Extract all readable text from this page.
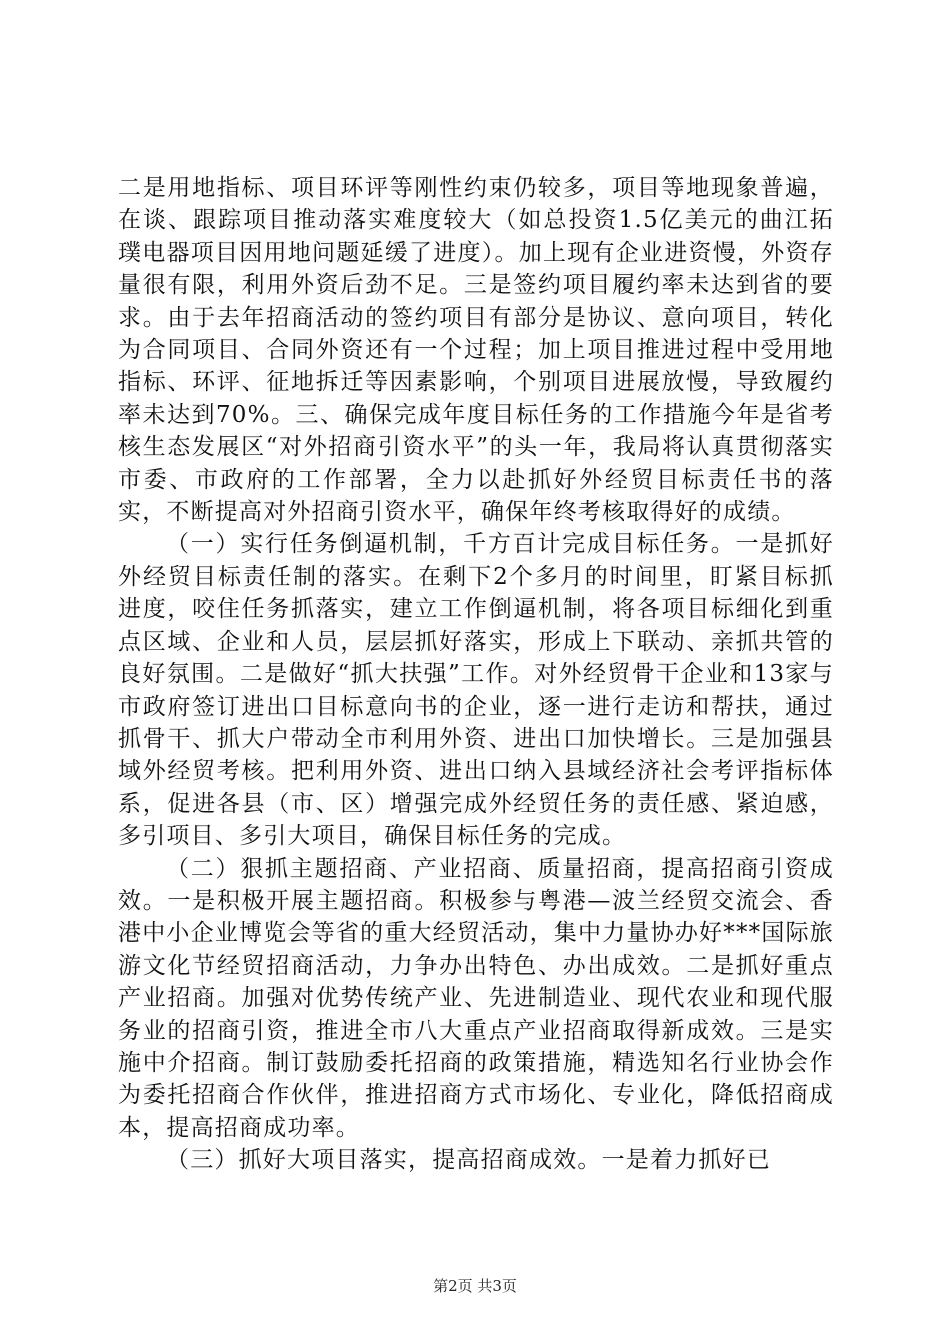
二是用地指标、项目环评等刚性约束仍较多，项目等地现象普遍，在谈、跟踪项目推动落实难度较大（如总投资1.5亿美元的曲江拓璞电器项目因用地问题延缓了进度）。加上现有企业进资慢，外资存量很有限，利用外资后劲不足。三是签约项目履约率未达到省的要求。由于去年招商活动的签约项目有部分是协议、意向项目，转化为合同项目、合同外资还有一个过程；加上项目推进过程中受用地指标、环评、征地拆迁等因素影响，个别项目进展放慢，导致履约率未达到70%。三、确保完成年度目标任务的工作措施今年是省考核生态发展区“对外招商引资水平”的头一年，我局将认真贯彻落实市委、市政府的工作部署，全力以赴抓好外经贸目标责任书的落实，不断提高对外招商引资水平，确保年终考核取得好的成绩。

（一）实行任务倒逼机制，千方百计完成目标任务。一是抓好外经贸目标责任制的落实。在剩下2个多月的时间里，盯紧目标抓进度，咬住任务抓落实，建立工作倒逼机制，将各项目标细化到重点区域、企业和人员，层层抓好落实，形成上下联动、亲抓共管的良好氛围。二是做好“抓大扶强”工作。对外经贸骨干企业和13家与市政府签订进出口目标意向书的企业，逐一进行走访和帮扶，通过抓骨干、抓大户带动全市利用外资、进出口加快增长。三是加强县域外经贸考核。把利用外资、进出口纳入县域经济社会考评指标体系，促进各县（市、区）增强完成外经贸任务的责任感、紧迫感，多引项目、多引大项目，确保目标任务的完成。

（二）狠抓主题招商、产业招商、质量招商，提高招商引资成效。一是积极开展主题招商。积极参与粤港—波兰经贸交流会、香港中小企业博览会等省的重大经贸活动，集中力量协办好***国际旅游文化节经贸招商活动，力争办出特色、办出成效。二是抓好重点产业招商。加强对优势传统产业、先进制造业、现代农业和现代服务业的招商引资，推进全市八大重点产业招商取得新成效。三是实施中介招商。制订鼓励委托招商的政策措施，精选知名行业协会作为委托招商合作伙伴，推进招商方式市场化、专业化，降低招商成本，提高招商成功率。

（三）抓好大项目落实，提高招商成效。一是着力抓好已

第2页 共3页
